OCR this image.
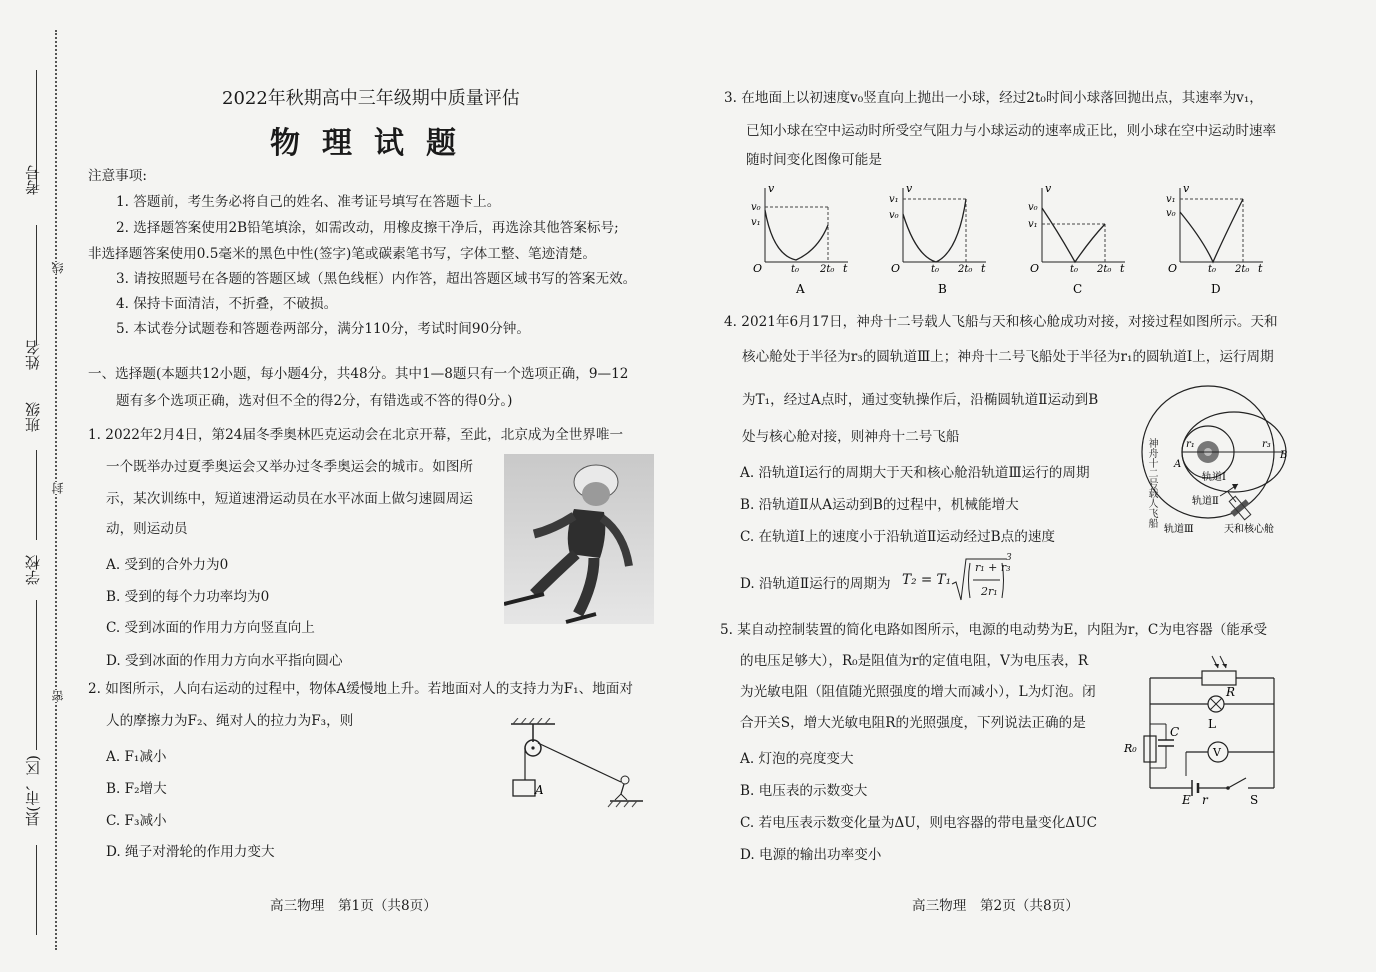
考号
姓名
班级
学校
县(市、区)
线
封
密
2022年秋期高中三年级期中质量评估
物理试题
注意事项:
1. 答题前，考生务必将自己的姓名、准考证号填写在答题卡上。
2. 选择题答案使用2B铅笔填涂，如需改动，用橡皮擦干净后，再选涂其他答案标号;
非选择题答案使用0.5毫米的黑色中性(签字)笔或碳素笔书写，字体工整、笔迹清楚。
3. 请按照题号在各题的答题区域（黑色线框）内作答，超出答题区域书写的答案无效。
4. 保持卡面清洁，不折叠，不破损。
5. 本试卷分试题卷和答题卷两部分，满分110分，考试时间90分钟。
一、选择题(本题共12小题，每小题4分，共48分。其中1—8题只有一个选项正确，9—12
题有多个选项正确，选对但不全的得2分，有错选或不答的得0分。)
1. 2022年2月4日，第24届冬季奥林匹克运动会在北京开幕，至此，北京成为全世界唯一
一个既举办过夏季奥运会又举办过冬季奥运会的城市。如图所
示，某次训练中，短道速滑运动员在水平冰面上做匀速圆周运
动，则运动员
A. 受到的合外力为0
B. 受到的每个力功率均为0
C. 受到冰面的作用力方向竖直向上
D. 受到冰面的作用力方向水平指向圆心
2. 如图所示，人向右运动的过程中，物体A缓慢地上升。若地面对人的支持力为F₁、地面对
人的摩擦力为F₂、绳对人的拉力为F₃，则
A. F₁减小
B. F₂增大
C. F₃减小
D. 绳子对滑轮的作用力变大
A
高三物理　第1页（共8页）
3. 在地面上以初速度v₀竖直向上抛出一小球，经过2t₀时间小球落回抛出点，其速率为v₁，
已知小球在空中运动时所受空气阻力与小球运动的速率成正比，则小球在空中运动时速率
随时间变化图像可能是
v
O	t
v₀
v₁
t₀ 2t₀
A
v
O	t
v₁
v₀
t₀ 2t₀
B
v
O	t
v₀
v₁
t₀ 2t₀
C
v
O	t
v₁
v₀
t₀ 2t₀
D
4. 2021年6月17日，神舟十二号载人飞船与天和核心舱成功对接，对接过程如图所示。天和
核心舱处于半径为r₃的圆轨道Ⅲ上；神舟十二号飞船处于半径为r₁的圆轨道Ⅰ上，运行周期
为T₁，经过A点时，通过变轨操作后，沿椭圆轨道Ⅱ运动到B
处与核心舱对接，则神舟十二号飞船
A. 沿轨道Ⅰ运行的周期大于天和核心舱沿轨道Ⅲ运行的周期
B. 沿轨道Ⅱ从A运动到B的过程中，机械能增大
C. 在轨道Ⅰ上的速度小于沿轨道Ⅱ运动经过B点的速度
D. 沿轨道Ⅱ运行的周期为 T₂ = T₁
r₁ + r₃
2r₁
3
r₁	r₃
A
B
轨道Ⅰ
轨道Ⅱ
轨道Ⅲ	天和核心舱
神舟十二号载人飞船
5. 某自动控制装置的简化电路如图所示，电源的电动势为E，内阻为r，C为电容器（能承受
的电压足够大），R₀是阻值为r的定值电阻，V为电压表，R
为光敏电阻（阻值随光照强度的增大而减小），L为灯泡。闭
合开关S，增大光敏电阻R的光照强度，下列说法正确的是
A. 灯泡的亮度变大
B. 电压表的示数变大
C. 若电压表示数变化量为ΔU，则电容器的带电量变化ΔUC
D. 电源的输出功率变小
R
L
R₀
C
V
E r	S
高三物理　第2页（共8页）
